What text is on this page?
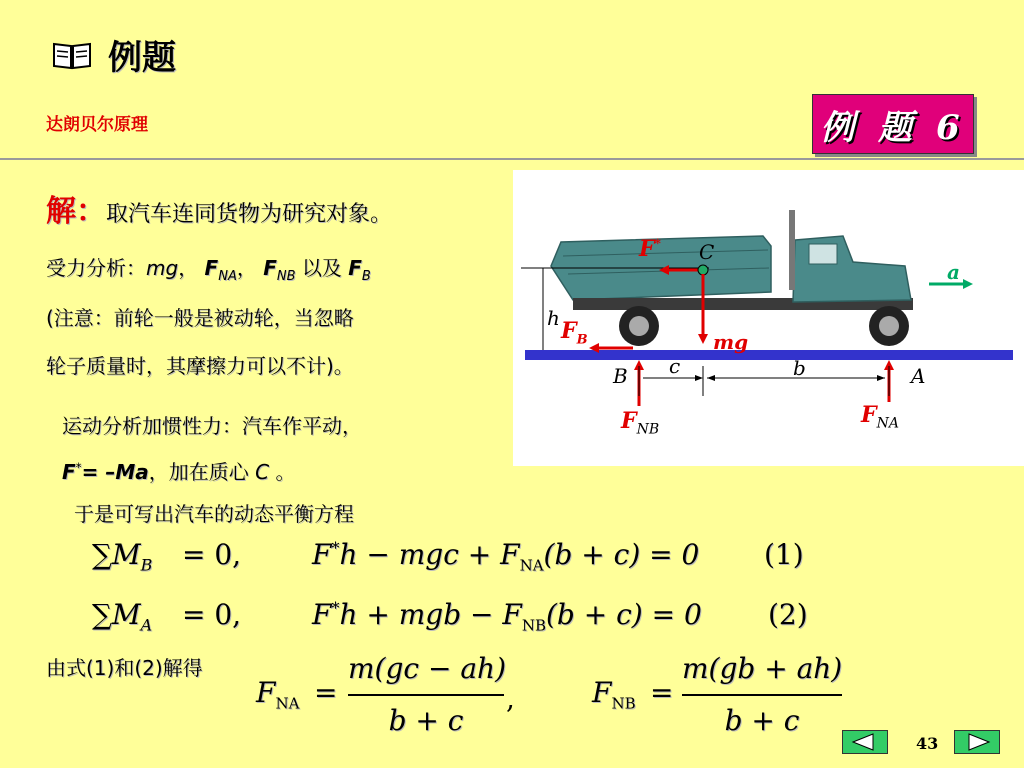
例题
达朗贝尔原理	例 题 6
解：取汽车连同货物为研究对象。
受力分析：mg， $F_{NA}$， $F_{NB}$ 以及 $F_B$
(注意：前轮一般是被动轮，当忽略
轮子质量时，其摩擦力可以不计)。
运动分析加惯性力：汽车作平动，
F*= –Ma，加在质心 C 。
于是可写出汽车的动态平衡方程
F* C
a
h $F_B$	mg
c	b
B	A
$F_{NB}$
$F_{NA}$
$\sum M_B = 0$,	F*h − mgc + $F_{NA}(b + c) = 0$ (1)
$\sum M_A = 0$,	F*h + mgb − $F_{NB}(b + c) = 0$ (2)
由式(1)和(2)解得
$F_{NA}$ =
m(gc − ah)
b + c
,	$F_{NB}$ =
m(gb + ah)
b + c
43
